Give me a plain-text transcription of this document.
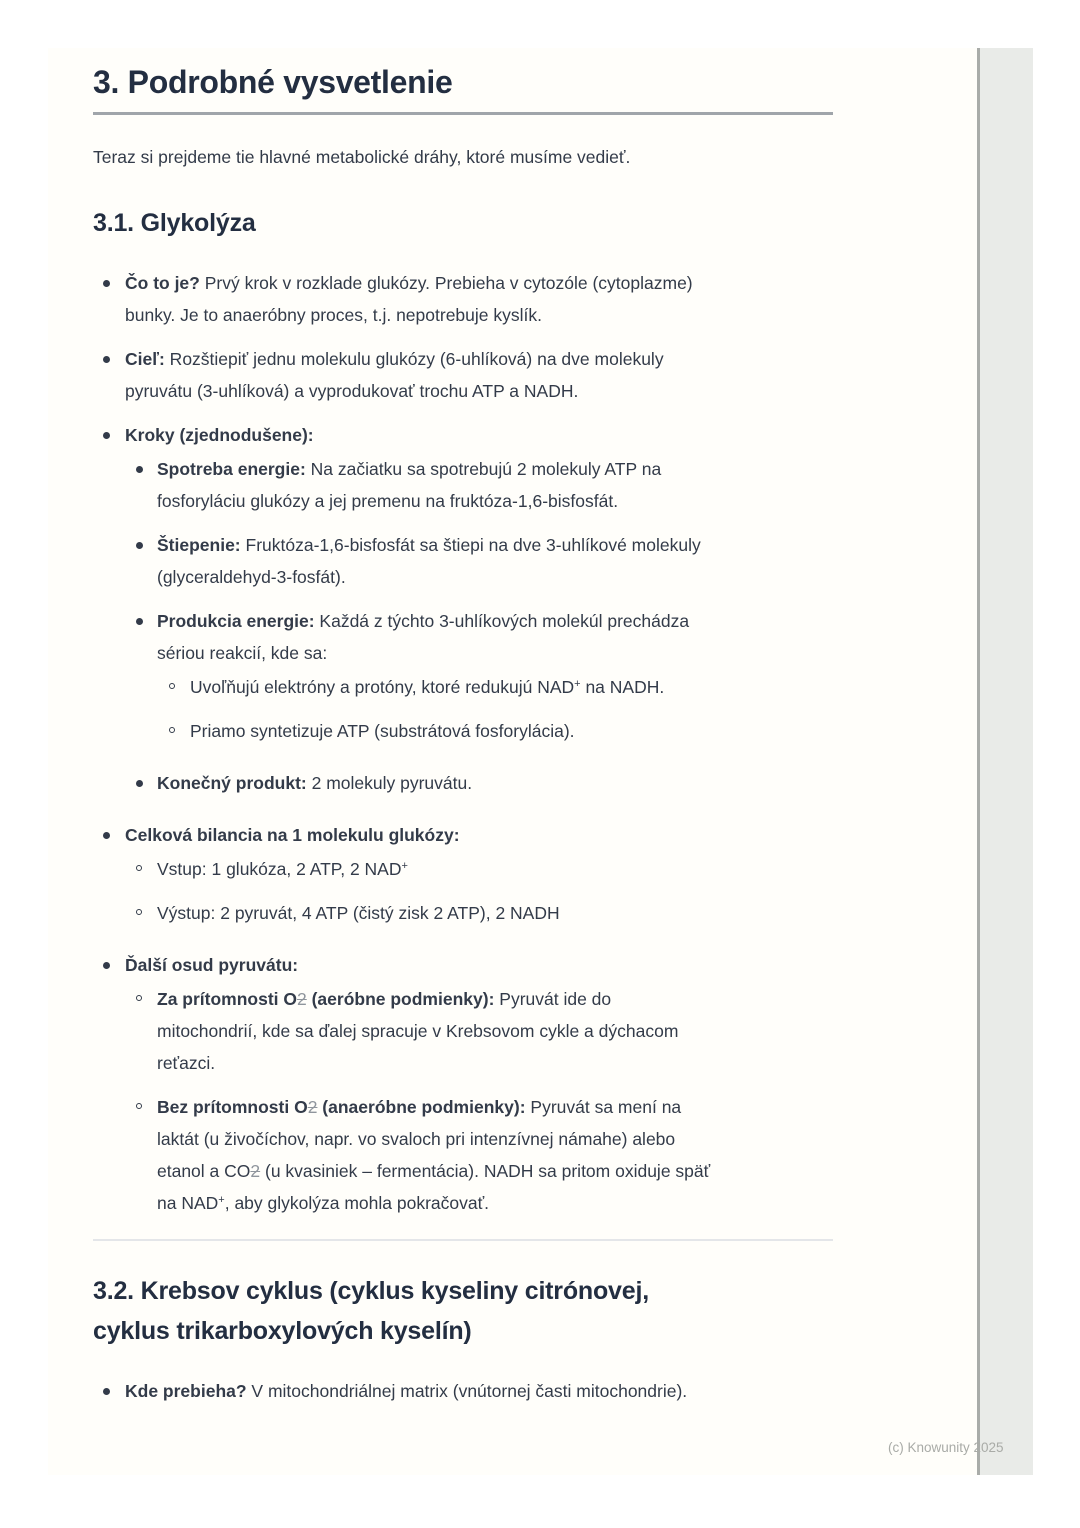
3. Podrobné vysvetlenie
Teraz si prejdeme tie hlavné metabolické dráhy, ktoré musíme vedieť.
3.1. Glykolýza
Čo to je? Prvý krok v rozklade glukózy. Prebieha v cytozóle (cytoplazme)
bunky. Je to anaeróbny proces, t.j. nepotrebuje kyslík.
Cieľ: Rozštiepiť jednu molekulu glukózy (6-uhlíková) na dve molekuly
pyruvátu (3-uhlíková) a vyprodukovať trochu ATP a NADH.
Kroky (zjednodušene):
Spotreba energie: Na začiatku sa spotrebujú 2 molekuly ATP na
fosforyláciu glukózy a jej premenu na fruktóza-1,6-bisfosfát.
Štiepenie: Fruktóza-1,6-bisfosfát sa štiepi na dve 3-uhlíkové molekuly
(glyceraldehyd-3-fosfát).
Produkcia energie: Každá z týchto 3-uhlíkových molekúl prechádza
sériou reakcií, kde sa:
Uvoľňujú elektróny a protóny, ktoré redukujú NAD+ na NADH.
Priamo syntetizuje ATP (substrátová fosforylácia).
Konečný produkt: 2 molekuly pyruvátu.
Celková bilancia na 1 molekulu glukózy:
Vstup: 1 glukóza, 2 ATP, 2 NAD+
Výstup: 2 pyruvát, 4 ATP (čistý zisk 2 ATP), 2 NADH
Ďalší osud pyruvátu:
Za prítomnosti O2 (aeróbne podmienky): Pyruvát ide do
mitochondrií, kde sa ďalej spracuje v Krebsovom cykle a dýchacom
reťazci.
Bez prítomnosti O2 (anaeróbne podmienky): Pyruvát sa mení na
laktát (u živočíchov, napr. vo svaloch pri intenzívnej námahe) alebo
etanol a CO2 (u kvasiniek – fermentácia). NADH sa pritom oxiduje späť
na NAD+, aby glykolýza mohla pokračovať.
3.2. Krebsov cyklus (cyklus kyseliny citrónovej,
cyklus trikarboxylových kyselín)
Kde prebieha? V mitochondriálnej matrix (vnútornej časti mitochondrie).
(c) Knowunity 2025
